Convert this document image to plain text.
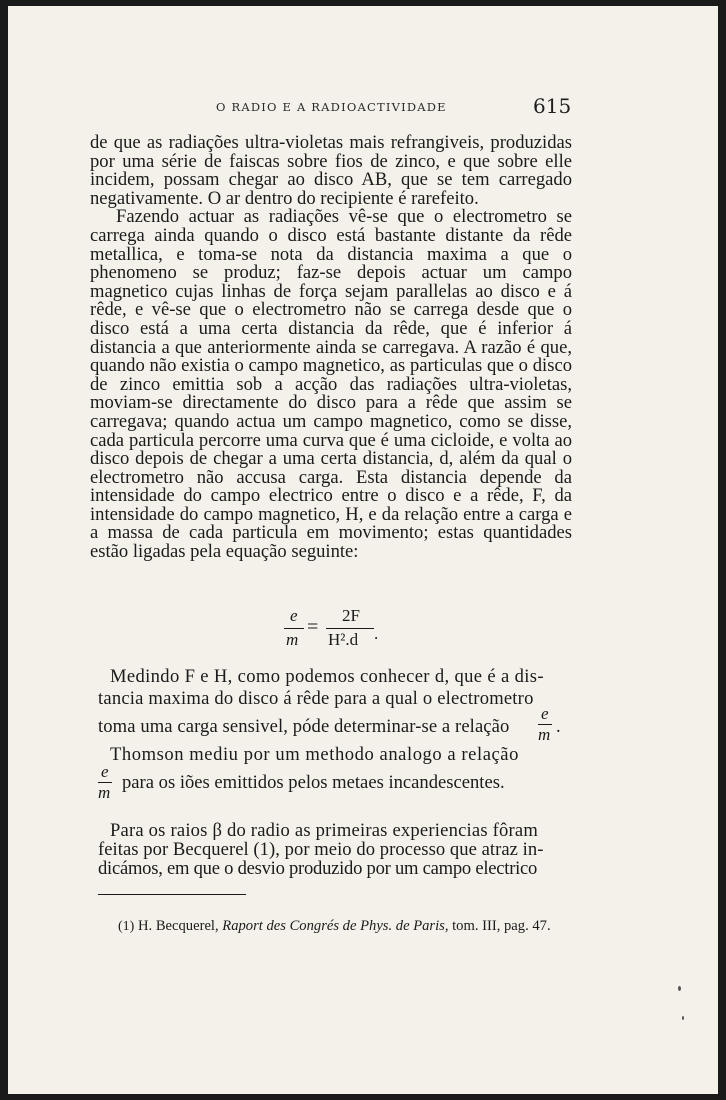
O RADIO E A RADIOACTIVIDADE	615

de que as radiações ultra-violetas mais refrangiveis, produzidas por uma série de faiscas sobre fios de zinco, e que sobre elle incidem, possam chegar ao disco AB, que se tem carregado negativamente. O ar dentro do recipiente é rarefeito.

Fazendo actuar as radiações vê-se que o electrometro se carrega ainda quando o disco está bastante distante da rêde metallica, e toma-se nota da distancia maxima a que o phenomeno se produz; faz-se depois actuar um campo magnetico cujas linhas de força sejam parallelas ao disco e á rêde, e vê-se que o electrometro não se carrega desde que o disco está a uma certa distancia da rêde, que é inferior á distancia a que anteriormente ainda se carregava. A razão é que, quando não existia o campo magnetico, as particulas que o disco de zinco emittia sob a acção das radiações ultra-violetas, moviam-se directamente do disco para a rêde que assim se carregava; quando actua um campo magnetico, como se disse, cada particula percorre uma curva que é uma cicloide, e volta ao disco depois de chegar a uma certa distancia, d, além da qual o electrometro não accusa carga. Esta distancia depende da intensidade do campo electrico entre o disco e a rêde, F, da intensidade do campo magnetico, H, e da relação entre a carga e a massa de cada particula em movimento; estas quantidades estão ligadas pela equação seguinte:

e
m
=
2F
H².d .
Medindo F e H, como podemos conhecer d, que é a dis-
tancia maxima do disco á rêde para a qual o electrometro
toma uma carga sensivel, póde determinar-se a relação
e
m .
Thomson mediu por um methodo analogo a relação
e
m para os iões emittidos pelos metaes incandescentes.
Para os raios β do radio as primeiras experiencias fôram
feitas por Becquerel (1), por meio do processo que atraz in-
dicámos, em que o desvio produzido por um campo electrico
(1) H. Becquerel, Raport des Congrés de Phys. de Paris, tom. III, pag. 47.
